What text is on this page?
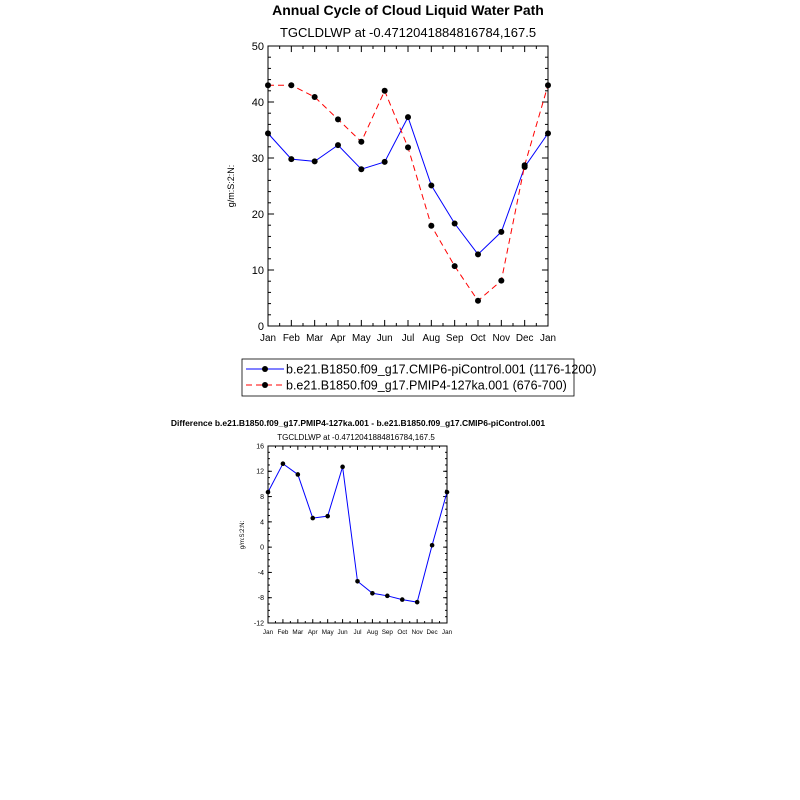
Annual Cycle of Cloud Liquid Water Path
TGCLDLWP at -0.4712041884816784,167.5
g/m:S:2:N:
Difference b.e21.B1850.f09_g17.PMIP4-127ka.001 - b.e21.B1850.f09_g17.CMIP6-piControl.001
TGCLDLWP at -0.4712041884816784,167.5
g/m:S:2:N:
b.e21.B1850.f09_g17.CMIP6-piControl.001 (1176-1200)
b.e21.B1850.f09_g17.PMIP4-127ka.001 (676-700)
0
10
20
30
40
50
Jan Feb Mar Apr May Jun Jul Aug Sep Oct Nov Dec Jan
-12
-8
-4
0
4
8
12
16
Jan Feb Mar Apr May Jun Jul Aug Sep Oct Nov Dec Jan
